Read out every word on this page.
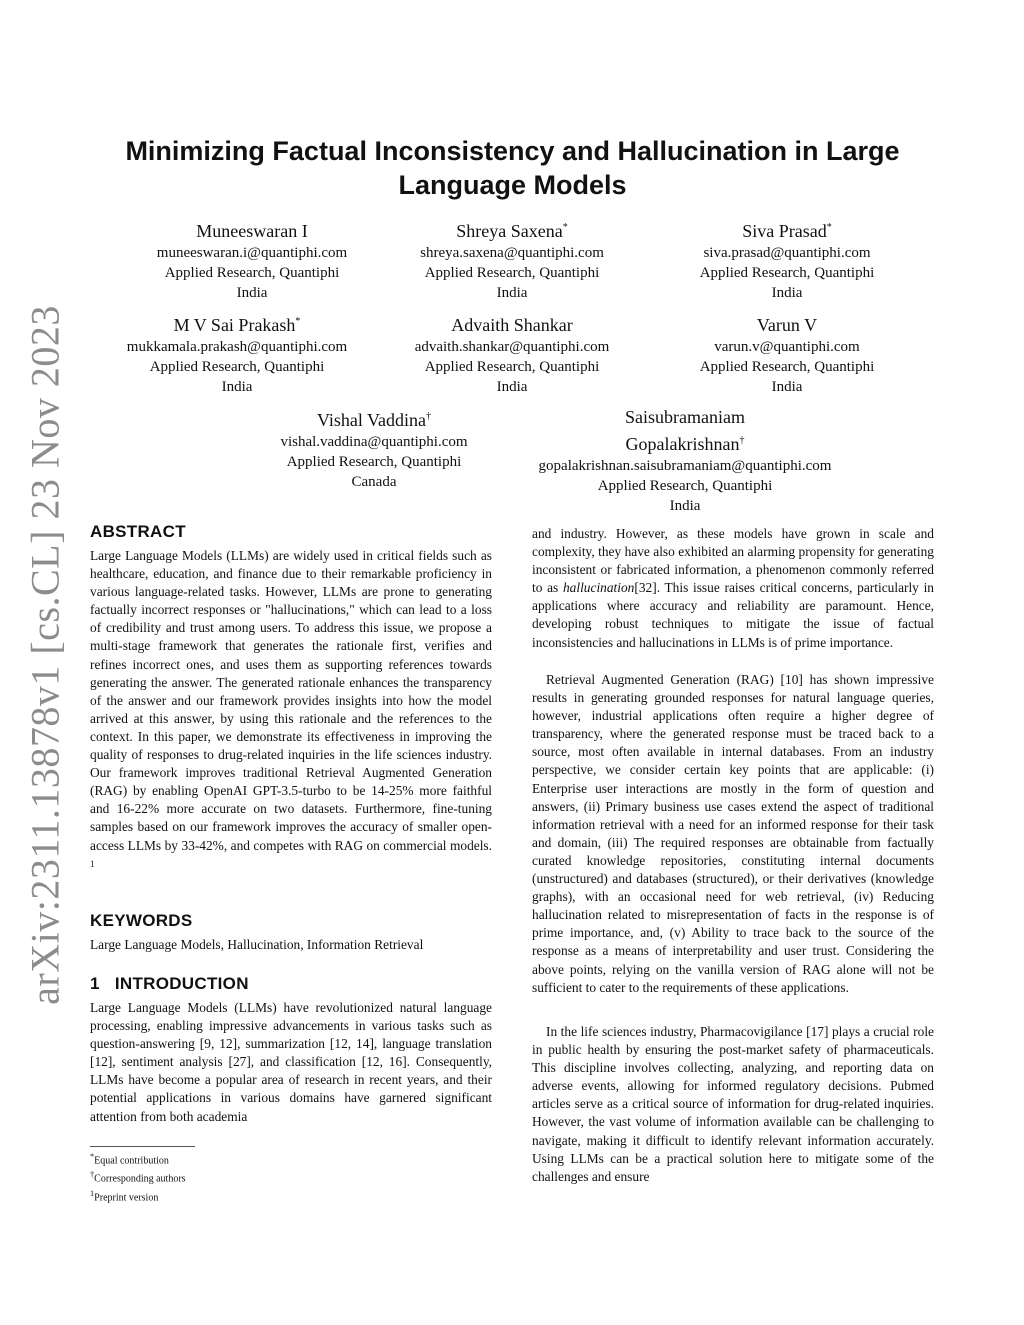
arXiv:2311.13878v1 [cs.CL] 23 Nov 2023
Minimizing Factual Inconsistency and Hallucination in Large Language Models
Muneeswaran I
muneeswaran.i@quantiphi.com
Applied Research, Quantiphi
India
Shreya Saxena*
shreya.saxena@quantiphi.com
Applied Research, Quantiphi
India
Siva Prasad*
siva.prasad@quantiphi.com
Applied Research, Quantiphi
India
M V Sai Prakash*
mukkamala.prakash@quantiphi.com
Applied Research, Quantiphi
India
Advaith Shankar
advaith.shankar@quantiphi.com
Applied Research, Quantiphi
India
Varun V
varun.v@quantiphi.com
Applied Research, Quantiphi
India
Vishal Vaddina†
vishal.vaddina@quantiphi.com
Applied Research, Quantiphi
Canada
Saisubramaniam
Gopalakrishnan†
gopalakrishnan.saisubramaniam@quantiphi.com
Applied Research, Quantiphi
India
ABSTRACT

Large Language Models (LLMs) are widely used in critical fields such as healthcare, education, and finance due to their remarkable proficiency in various language-related tasks. However, LLMs are prone to generating factually incorrect responses or "hallucinations," which can lead to a loss of credibility and trust among users. To address this issue, we propose a multi-stage framework that generates the rationale first, verifies and refines incorrect ones, and uses them as supporting references towards generating the answer. The generated rationale enhances the transparency of the answer and our framework provides insights into how the model arrived at this answer, by using this rationale and the references to the context. In this paper, we demonstrate its effectiveness in improving the quality of responses to drug-related inquiries in the life sciences industry. Our framework improves traditional Retrieval Augmented Generation (RAG) by enabling OpenAI GPT-3.5-turbo to be 14-25% more faithful and 16-22% more accurate on two datasets. Furthermore, fine-tuning samples based on our framework improves the accuracy of smaller open-access LLMs by 33-42%, and competes with RAG on commercial models. $^1$

KEYWORDS

Large Language Models, Hallucination, Information Retrieval

1 INTRODUCTION

Large Language Models (LLMs) have revolutionized natural language processing, enabling impressive advancements in various tasks such as question-answering [9, 12], summarization [12, 14], language translation [12], sentiment analysis [27], and classification [12, 16]. Consequently, LLMs have become a popular area of research in recent years, and their potential applications in various domains have garnered significant attention from both academia

*Equal contribution
†Corresponding authors
$^1$Preprint version

and industry. However, as these models have grown in scale and complexity, they have also exhibited an alarming propensity for generating inconsistent or fabricated information, a phenomenon commonly referred to as hallucination[32]. This issue raises critical concerns, particularly in applications where accuracy and reliability are paramount. Hence, developing robust techniques to mitigate the issue of factual inconsistencies and hallucinations in LLMs is of prime importance.

Retrieval Augmented Generation (RAG) [10] has shown impressive results in generating grounded responses for natural language queries, however, industrial applications often require a higher degree of transparency, where the generated response must be traced back to a source, most often available in internal databases. From an industry perspective, we consider certain key points that are applicable: (i) Enterprise user interactions are mostly in the form of question and answers, (ii) Primary business use cases extend the aspect of traditional information retrieval with a need for an informed response for their task and domain, (iii) The required responses are obtainable from factually curated knowledge repositories, constituting internal documents (unstructured) and databases (structured), or their derivatives (knowledge graphs), with an occasional need for web retrieval, (iv) Reducing hallucination related to misrepresentation of facts in the response is of prime importance, and, (v) Ability to trace back to the source of the response as a means of interpretability and user trust. Considering the above points, relying on the vanilla version of RAG alone will not be sufficient to cater to the requirements of these applications.

In the life sciences industry, Pharmacovigilance [17] plays a crucial role in public health by ensuring the post-market safety of pharmaceuticals. This discipline involves collecting, analyzing, and reporting data on adverse events, allowing for informed regulatory decisions. Pubmed articles serve as a critical source of information for drug-related inquiries. However, the vast volume of information available can be challenging to navigate, making it difficult to identify relevant information accurately. Using LLMs can be a practical solution here to mitigate some of the challenges and ensure
